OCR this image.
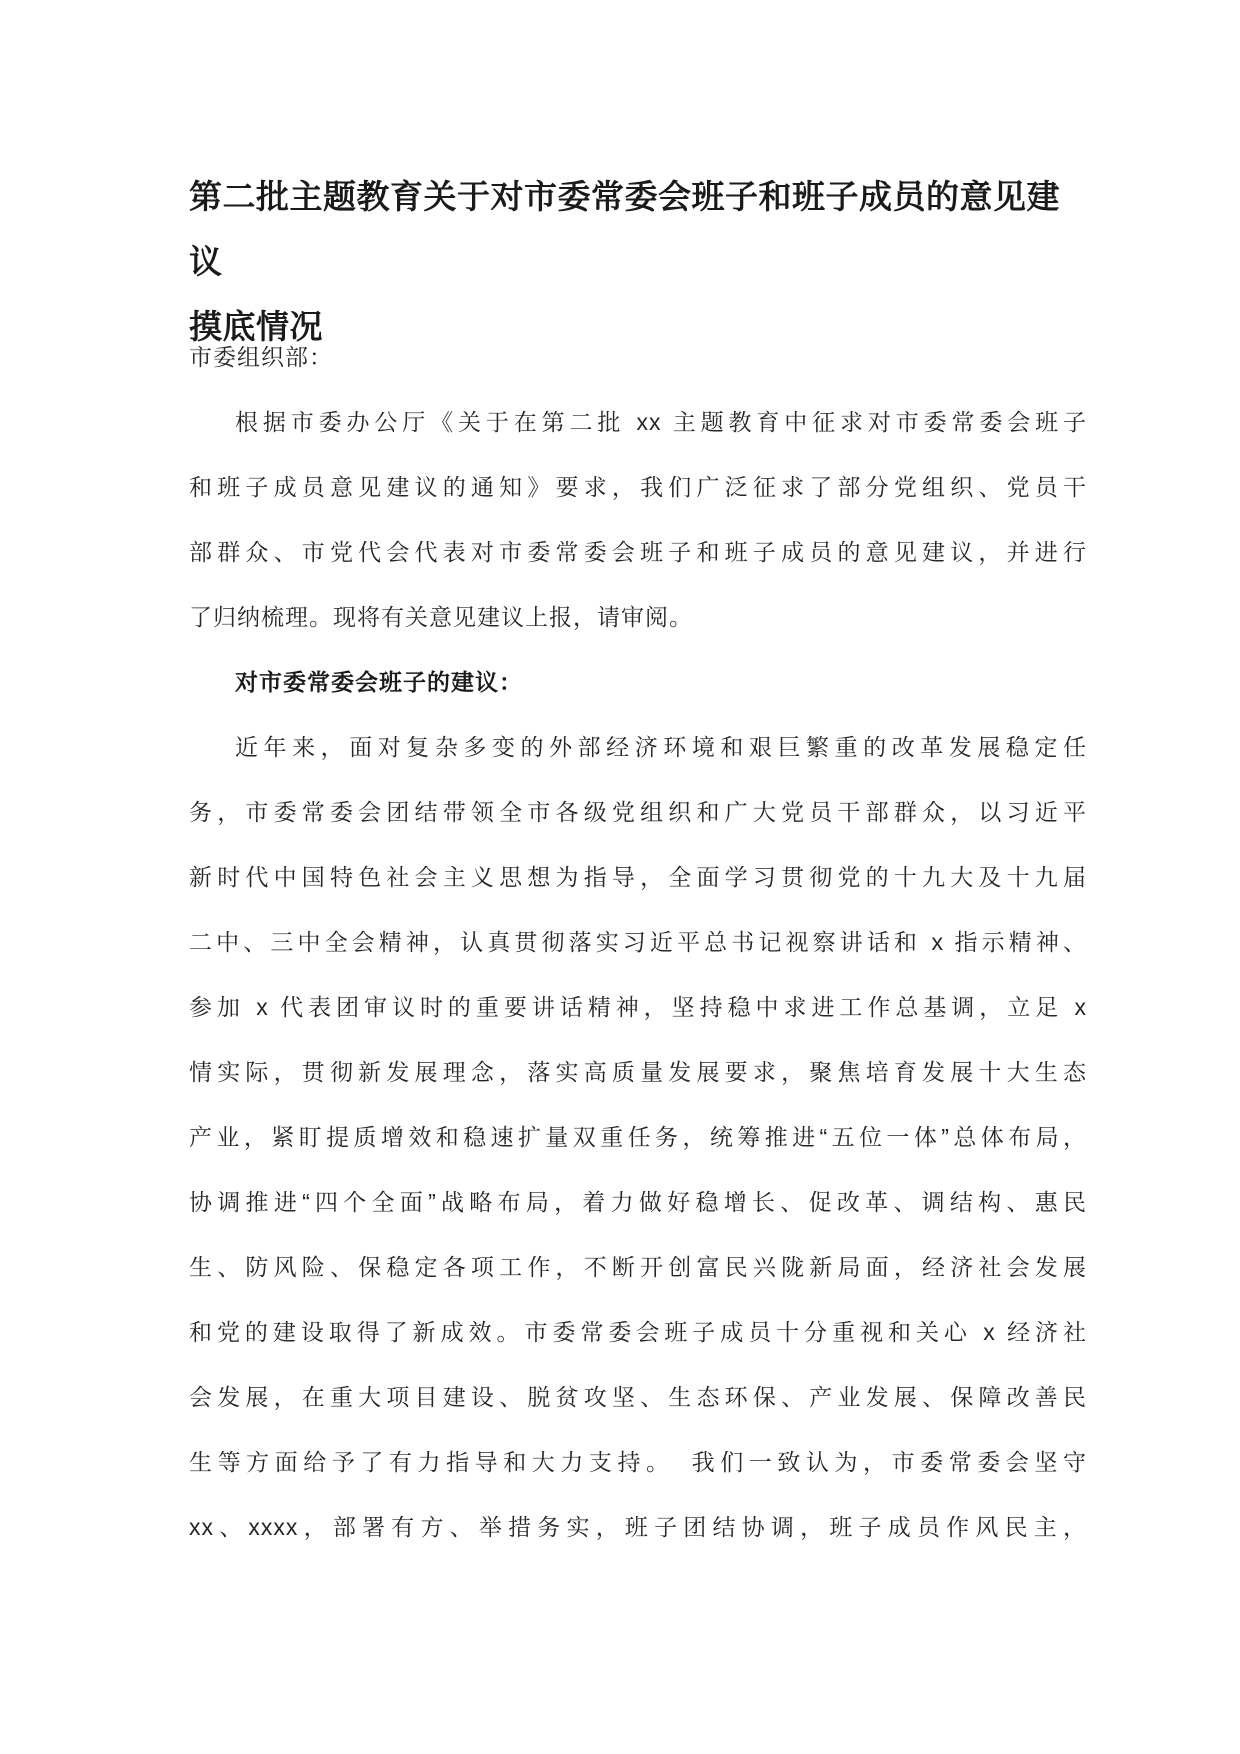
第二批主题教育关于对市委常委会班子和班子成员的意见建议
摸底情况
市委组织部：
根据市委办公厅《关于在第二批 xx 主题教育中征求对市委常委会班子
和班子成员意见建议的通知》要求，我们广泛征求了部分党组织、党员干
部群众、市党代会代表对市委常委会班子和班子成员的意见建议，并进行
了归纳梳理。现将有关意见建议上报，请审阅。
对市委常委会班子的建议：
近年来，面对复杂多变的外部经济环境和艰巨繁重的改革发展稳定任
务，市委常委会团结带领全市各级党组织和广大党员干部群众，以习近平
新时代中国特色社会主义思想为指导，全面学习贯彻党的十九大及十九届
二中、三中全会精神，认真贯彻落实习近平总书记视察讲话和 x 指示精神、
参加 x 代表团审议时的重要讲话精神，坚持稳中求进工作总基调，立足 x
情实际，贯彻新发展理念，落实高质量发展要求，聚焦培育发展十大生态
产业，紧盯提质增效和稳速扩量双重任务，统筹推进“五位一体”总体布局，
协调推进“四个全面”战略布局，着力做好稳增长、促改革、调结构、惠民
生、防风险、保稳定各项工作，不断开创富民兴陇新局面，经济社会发展
和党的建设取得了新成效。市委常委会班子成员十分重视和关心 x 经济社
会发展，在重大项目建设、脱贫攻坚、生态环保、产业发展、保障改善民
生等方面给予了有力指导和大力支持。　我们一致认为，市委常委会坚守
xx、xxxx，部署有方、举措务实，班子团结协调，班子成员作风民主，
